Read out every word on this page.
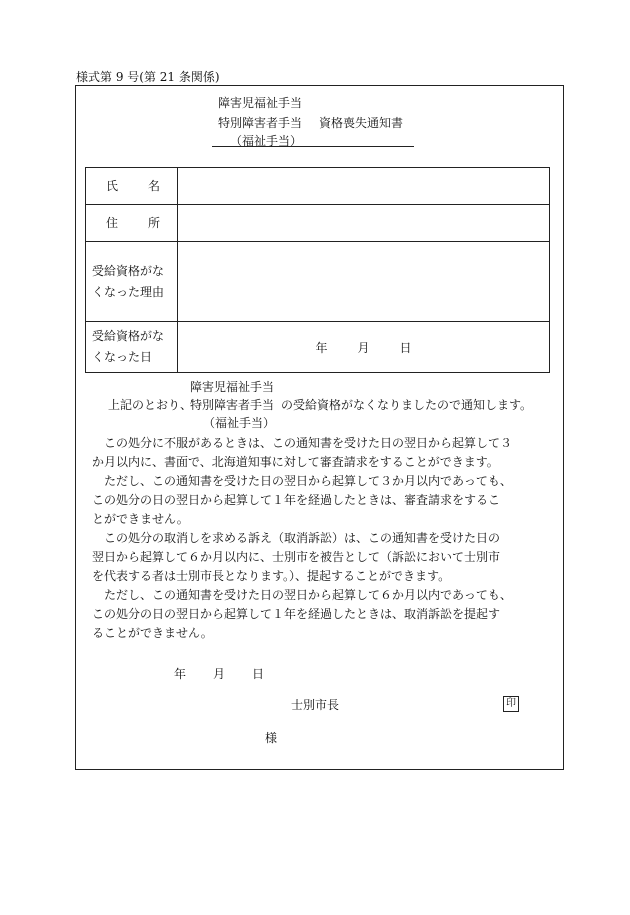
様式第 9 号(第 21 条関係)
障害児福祉手当
特別障害者手当 資格喪失通知書
（福祉手当）
氏 名	
住 所	

受給資格がな
くなった理由	

受給資格がな
くなった日	年 月 日
障害児福祉手当
上記のとおり、
特別障害者手当 の受給資格がなくなりましたので通知します。
（福祉手当）
この処分に不服があるときは、この通知書を受けた日の翌日から起算して３
か月以内に、書面で、北海道知事に対して審査請求をすることができます。
ただし、この通知書を受けた日の翌日から起算して３か月以内であっても、
この処分の日の翌日から起算して１年を経過したときは、審査請求をするこ
とができません。
この処分の取消しを求める訴え（取消訴訟）は、この通知書を受けた日の
翌日から起算して６か月以内に、士別市を被告として（訴訟において士別市
を代表する者は士別市長となります。）、提起することができます。
ただし、この通知書を受けた日の翌日から起算して６か月以内であっても、
この処分の日の翌日から起算して１年を経過したときは、取消訴訟を提起す
ることができません。
年 月 日
士別市長	印
様
